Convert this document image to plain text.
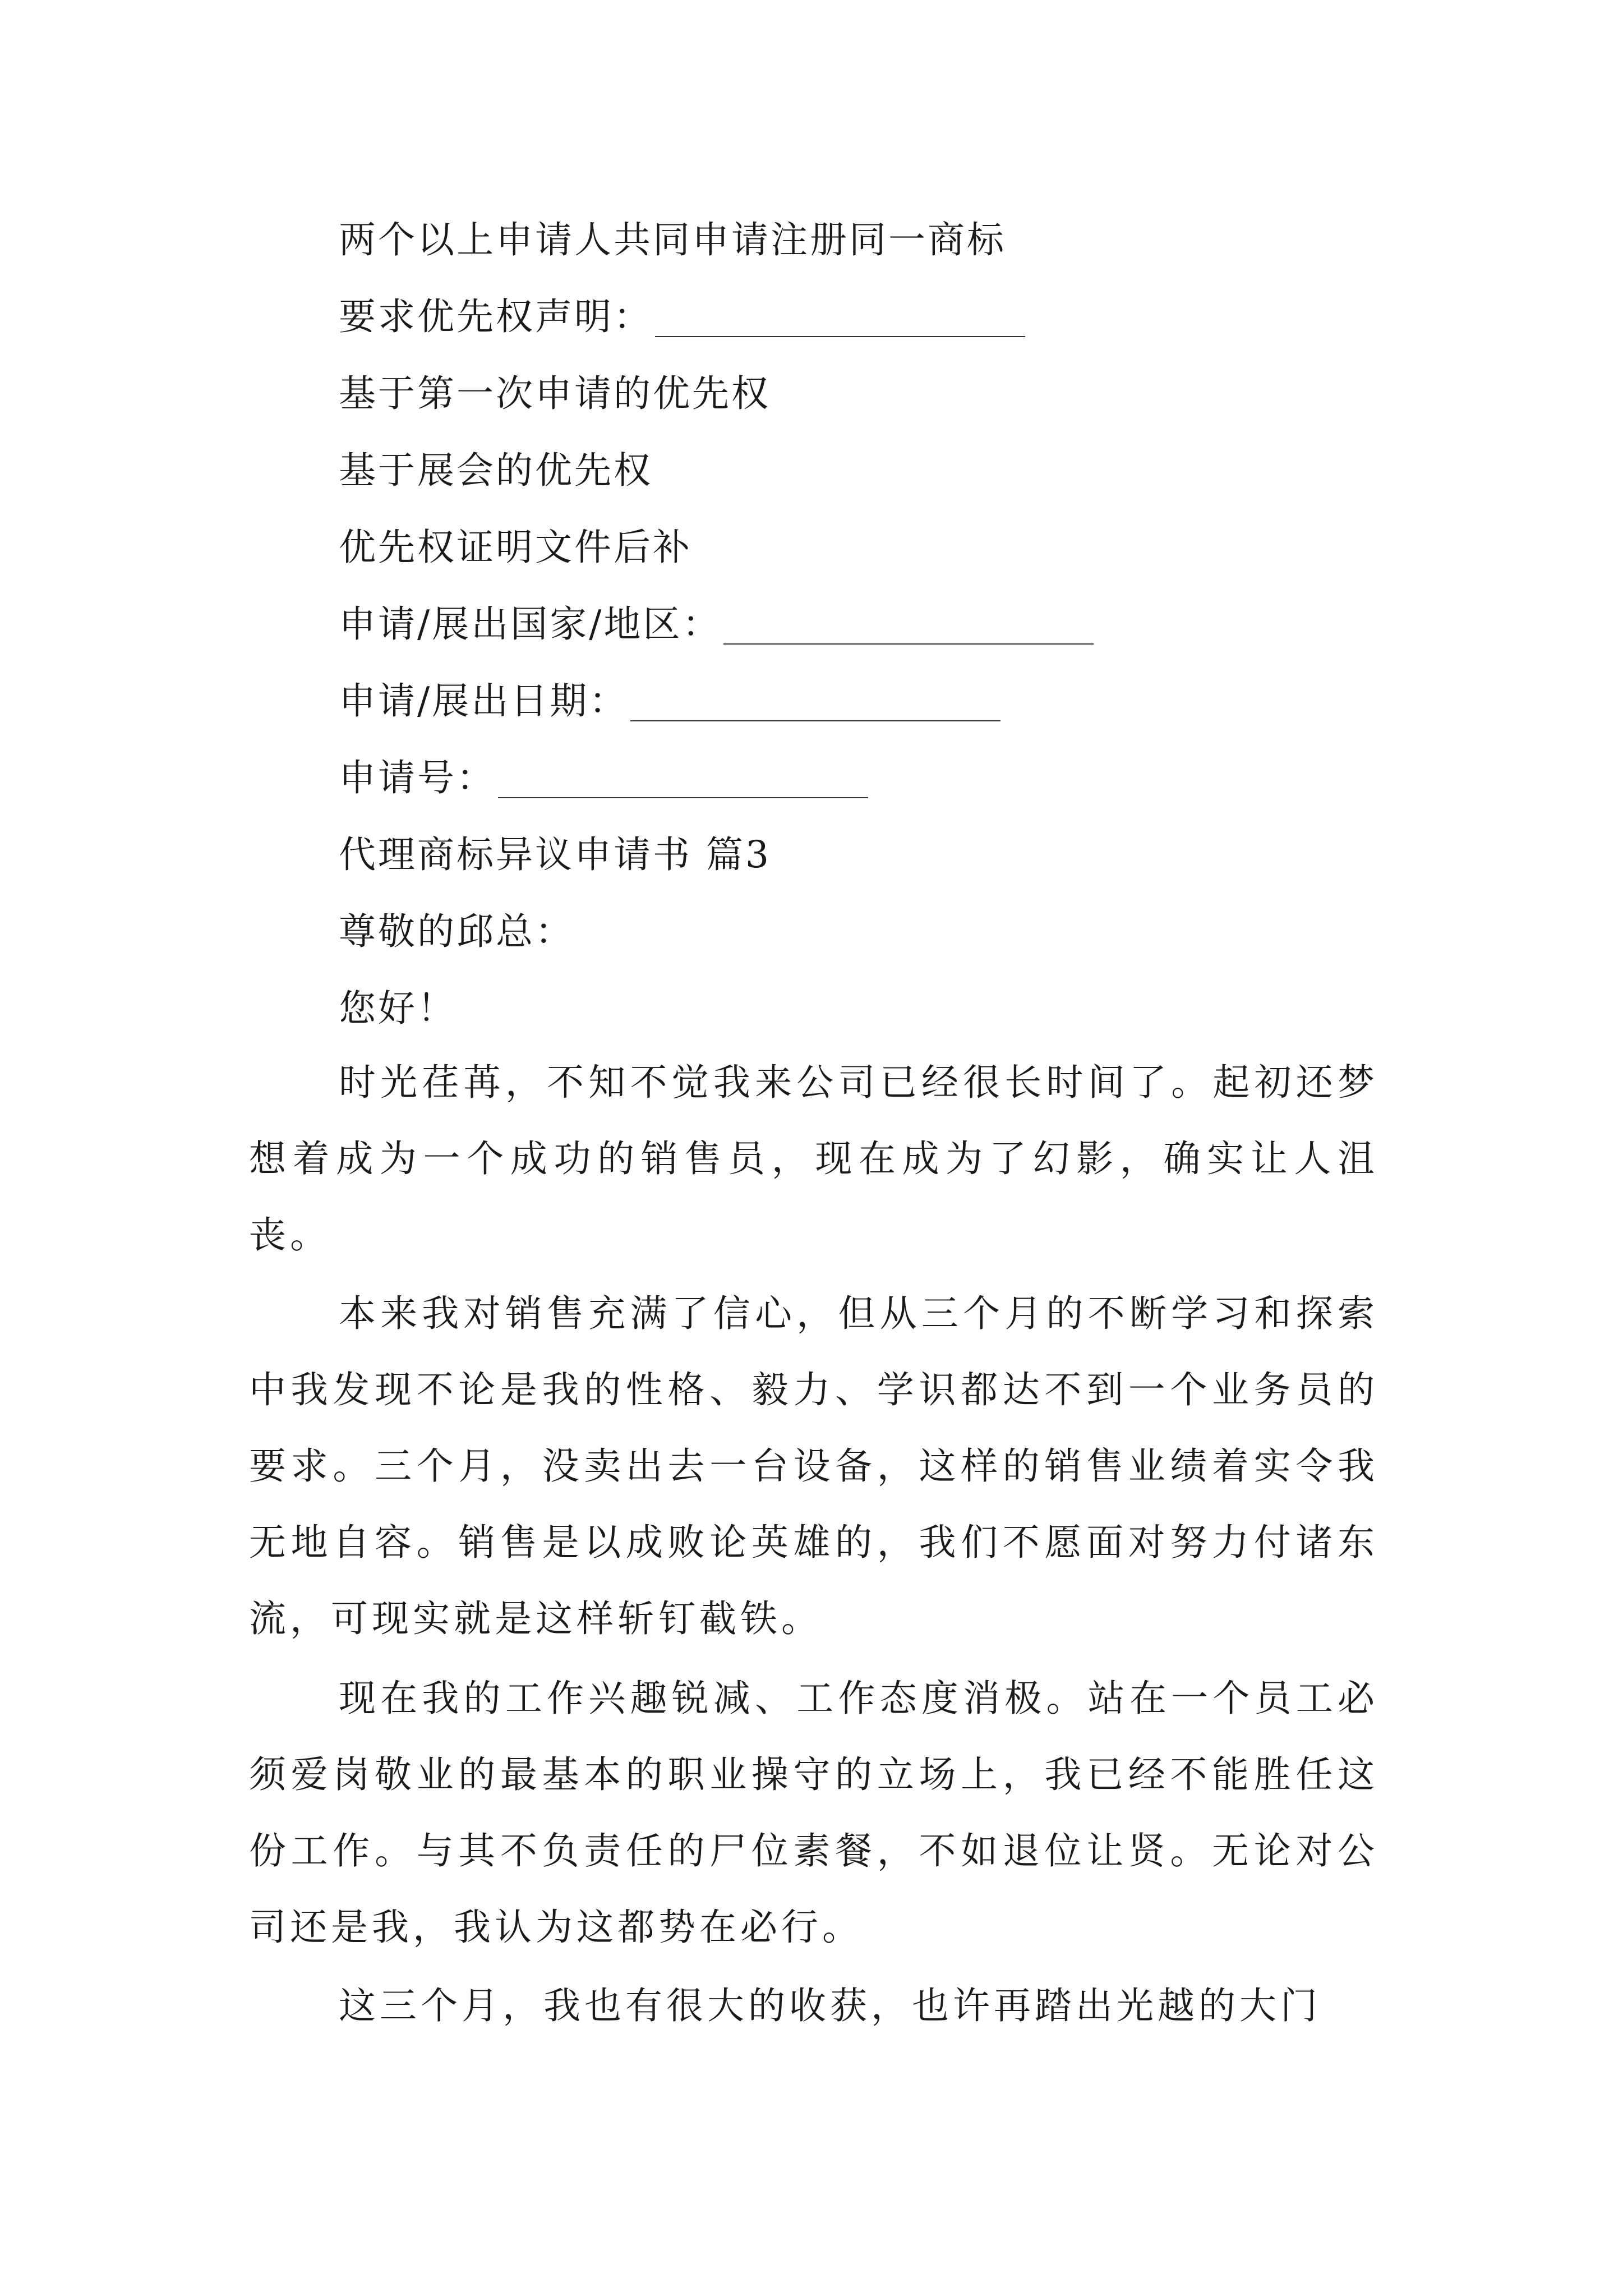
两个以上申请人共同申请注册同一商标
要求优先权声明：
基于第一次申请的优先权
基于展会的优先权
优先权证明文件后补
申请/展出国家/地区：
申请/展出日期：
申请号：
代理商标异议申请书 篇3
尊敬的邱总：
您好！

时光荏苒，不知不觉我来公司已经很长时间了。起初还梦想着成为一个成功的销售员，现在成为了幻影，确实让人沮丧。

本来我对销售充满了信心，但从三个月的不断学习和探索中我发现不论是我的性格、毅力、学识都达不到一个业务员的要求。三个月，没卖出去一台设备，这样的销售业绩着实令我无地自容。销售是以成败论英雄的，我们不愿面对努力付诸东流，可现实就是这样斩钉截铁。

现在我的工作兴趣锐减、工作态度消极。站在一个员工必须爱岗敬业的最基本的职业操守的立场上，我已经不能胜任这份工作。与其不负责任的尸位素餐，不如退位让贤。无论对公司还是我，我认为这都势在必行。

这三个月，我也有很大的收获，也许再踏出光越的大门
